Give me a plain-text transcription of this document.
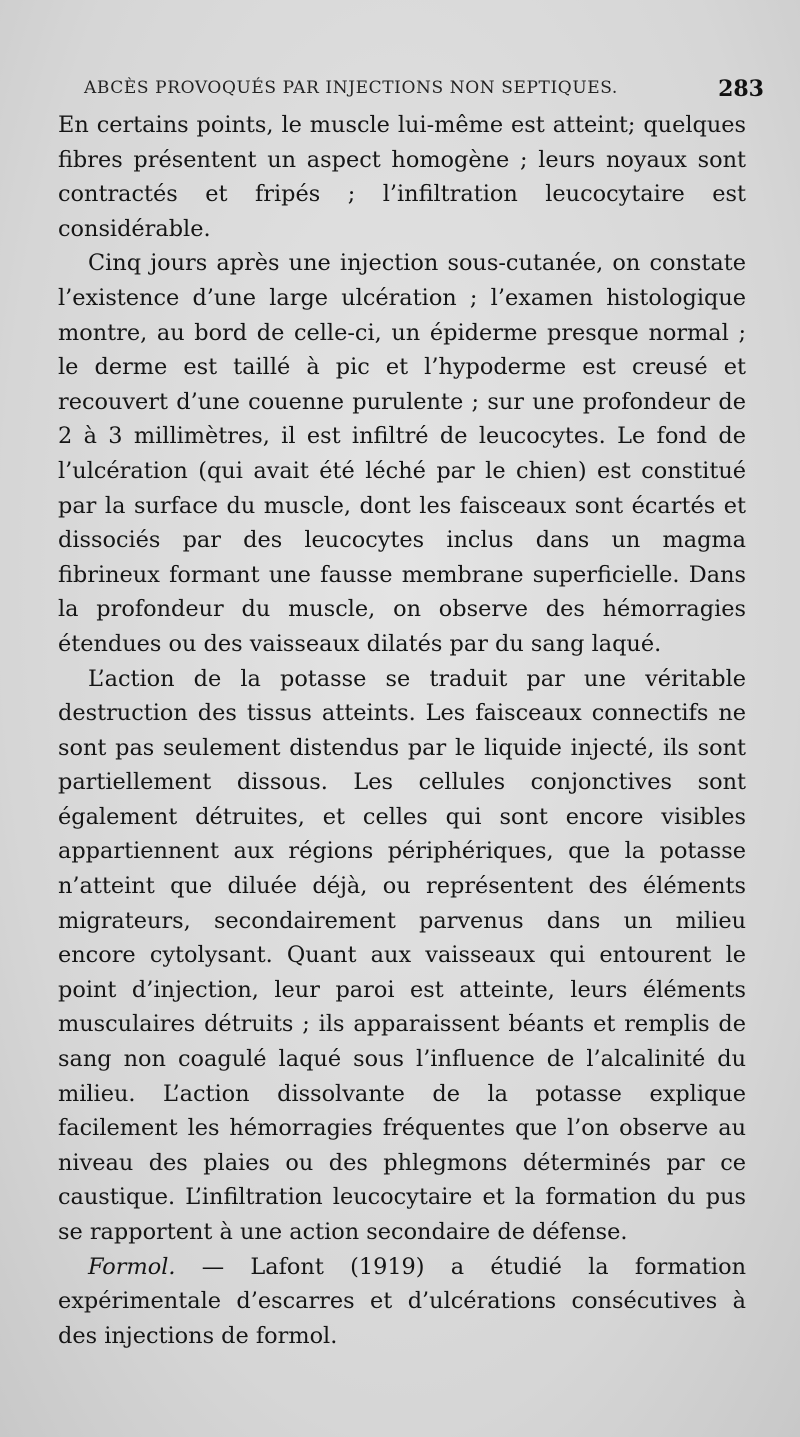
ABCÈS PROVOQUÉS PAR INJECTIONS NON SEPTIQUES.	283

En certains points, le muscle lui-même est atteint; quelques fibres présentent un aspect homogène ; leurs noyaux sont contractés et fripés ; l’infiltration leucocytaire est considérable.

Cinq jours après une injection sous-cutanée, on constate l’existence d’une large ulcération ; l’examen histologique montre, au bord de celle-ci, un épiderme presque normal ; le derme est taillé à pic et l’hypoderme est creusé et recouvert d’une couenne purulente ; sur une profondeur de 2 à 3 millimètres, il est infiltré de leucocytes. Le fond de l’ulcération (qui avait été léché par le chien) est constitué par la surface du muscle, dont les faisceaux sont écartés et dissociés par des leucocytes inclus dans un magma fibrineux formant une fausse membrane superficielle. Dans la profondeur du muscle, on observe des hémorragies étendues ou des vaisseaux dilatés par du sang laqué.

L’action de la potasse se traduit par une véritable destruction des tissus atteints. Les faisceaux connectifs ne sont pas seulement distendus par le liquide injecté, ils sont partiellement dissous. Les cellules conjonctives sont également détruites, et celles qui sont encore visibles appartiennent aux régions périphériques, que la potasse n’atteint que diluée déjà, ou représentent des éléments migrateurs, secondairement parvenus dans un milieu encore cytolysant. Quant aux vaisseaux qui entourent le point d’injection, leur paroi est atteinte, leurs éléments musculaires détruits ; ils apparaissent béants et remplis de sang non coagulé laqué sous l’influence de l’alcalinité du milieu. L’action dissolvante de la potasse explique facilement les hémorragies fréquentes que l’on observe au niveau des plaies ou des phlegmons déterminés par ce caustique. L’infiltration leucocytaire et la formation du pus se rapportent à une action secondaire de défense.

Formol. — Lafont (1919) a étudié la formation expérimentale d’escarres et d’ulcérations consécutives à des injections de formol.
